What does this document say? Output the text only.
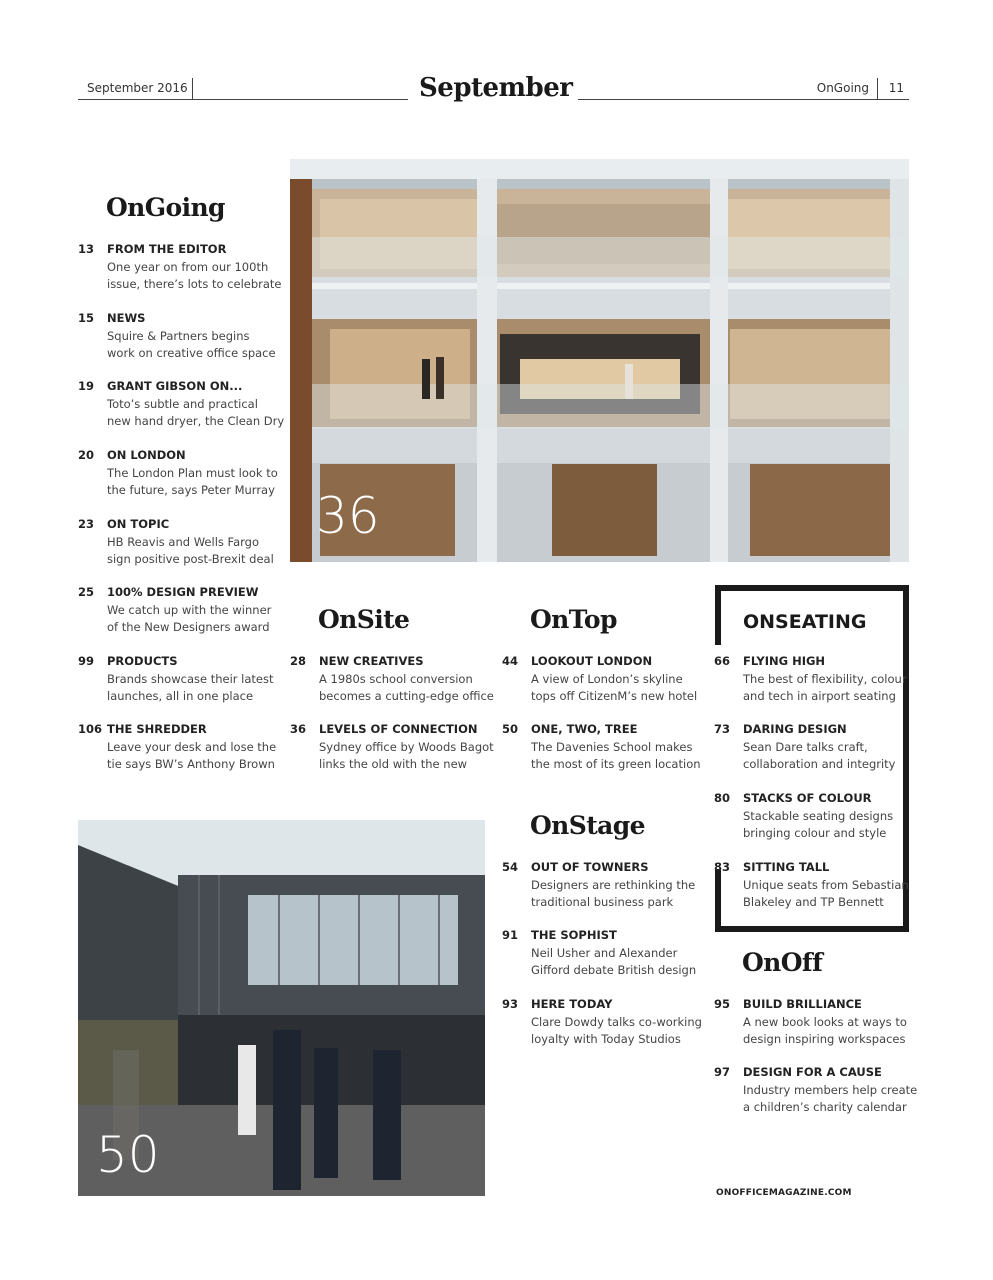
September 2016	September	OnGoing 11
36
50
OnGoing
OnSite	OnTop	ONSEATING
OnStage
OnOff
13 FROM THE EDITOR
One year on from our 100th
issue, there’s lots to celebrate
15 NEWS
Squire & Partners begins
work on creative office space
19 GRANT GIBSON ON...
Toto’s subtle and practical
new hand dryer, the Clean Dry
20 ON LONDON
The London Plan must look to
the future, says Peter Murray
23 ON TOPIC
HB Reavis and Wells Fargo
sign positive post-Brexit deal
25 100% DESIGN PREVIEW
We catch up with the winner
of the New Designers award
99 PRODUCTS
Brands showcase their latest
launches, all in one place
106 THE SHREDDER
Leave your desk and lose the
tie says BW’s Anthony Brown
28 NEW CREATIVES
A 1980s school conversion
becomes a cutting-edge office
36 LEVELS OF CONNECTION
Sydney office by Woods Bagot
links the old with the new
44 LOOKOUT LONDON
A view of London’s skyline
tops off CitizenM’s new hotel
50 ONE, TWO, TREE
The Davenies School makes
the most of its green location
54 OUT OF TOWNERS
Designers are rethinking the
traditional business park
91 THE SOPHIST
Neil Usher and Alexander
Gifford debate British design
93 HERE TODAY
Clare Dowdy talks co-working
loyalty with Today Studios
66 FLYING HIGH
The best of flexibility, colour
and tech in airport seating
73 DARING DESIGN
Sean Dare talks craft,
collaboration and integrity
80 STACKS OF COLOUR
Stackable seating designs
bringing colour and style
83 SITTING TALL
Unique seats from Sebastian
Blakeley and TP Bennett
95 BUILD BRILLIANCE
A new book looks at ways to
design inspiring workspaces
97 DESIGN FOR A CAUSE
Industry members help create
a children’s charity calendar
ONOFFICEMAGAZINE.COM
